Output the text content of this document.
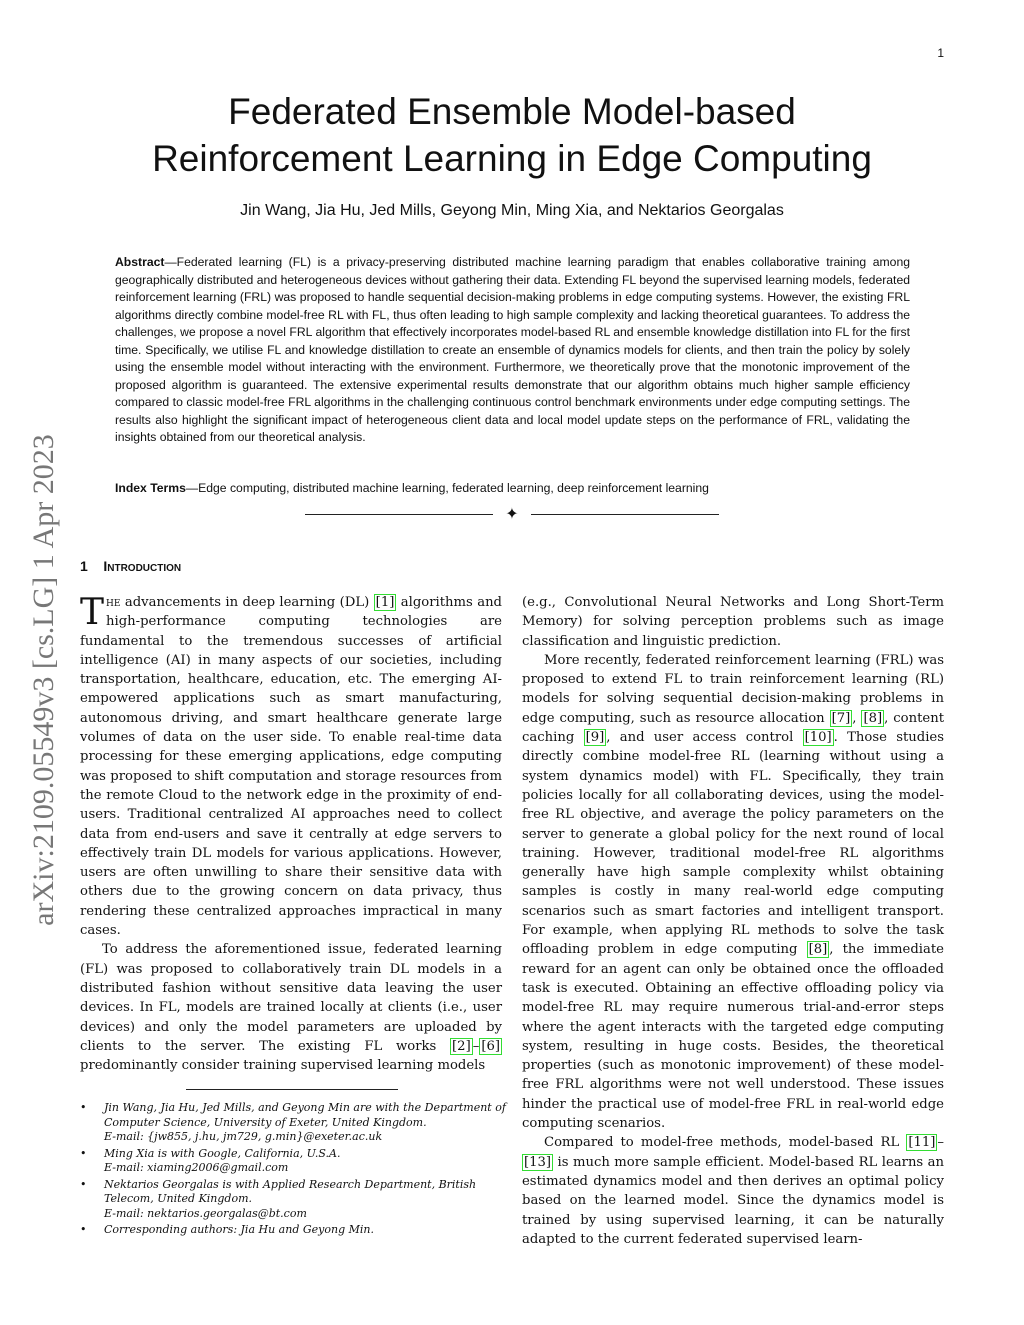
1
arXiv:2109.05549v3 [cs.LG] 1 Apr 2023
Federated Ensemble Model-based
Reinforcement Learning in Edge Computing
Jin Wang, Jia Hu, Jed Mills, Geyong Min, Ming Xia, and Nektarios Georgalas
Abstract—Federated learning (FL) is a privacy-preserving distributed machine learning paradigm that enables collaborative training among geographically distributed and heterogeneous devices without gathering their data. Extending FL beyond the supervised learning models, federated reinforcement learning (FRL) was proposed to handle sequential decision-making problems in edge computing systems. However, the existing FRL algorithms directly combine model-free RL with FL, thus often leading to high sample complexity and lacking theoretical guarantees. To address the challenges, we propose a novel FRL algorithm that effectively incorporates model-based RL and ensemble knowledge distillation into FL for the first time. Specifically, we utilise FL and knowledge distillation to create an ensemble of dynamics models for clients, and then train the policy by solely using the ensemble model without interacting with the environment. Furthermore, we theoretically prove that the monotonic improvement of the proposed algorithm is guaranteed. The extensive experimental results demonstrate that our algorithm obtains much higher sample efficiency compared to classic model-free FRL algorithms in the challenging continuous control benchmark environments under edge computing settings. The results also highlight the significant impact of heterogeneous client data and local model update steps on the performance of FRL, validating the insights obtained from our theoretical analysis.
Index Terms—Edge computing, distributed machine learning, federated learning, deep reinforcement learning
✦
1 Introduction

The advancements in deep learning (DL) [1] algorithms and high-performance computing technologies are fundamental to the tremendous successes of artificial intelligence (AI) in many aspects of our societies, including transportation, healthcare, education, etc. The emerging AI-empowered applications such as smart manufacturing, autonomous driving, and smart healthcare generate large volumes of data on the user side. To enable real-time data processing for these emerging applications, edge computing was proposed to shift computation and storage resources from the remote Cloud to the network edge in the proximity of end-users. Traditional centralized AI approaches need to collect data from end-users and save it centrally at edge servers to effectively train DL models for various applications. However, users are often unwilling to share their sensitive data with others due to the growing concern on data privacy, thus rendering these centralized approaches impractical in many cases.

To address the aforementioned issue, federated learning (FL) was proposed to collaboratively train DL models in a distributed fashion without sensitive data leaving the user devices. In FL, models are trained locally at clients (i.e., user devices) and only the model parameters are uploaded by clients to the server. The existing FL works [2] – [6] predominantly consider training supervised learning models

(e.g., Convolutional Neural Networks and Long Short-Term Memory) for solving perception problems such as image classification and linguistic prediction.

More recently, federated reinforcement learning (FRL) was proposed to extend FL to train reinforcement learning (RL) models for solving sequential decision-making problems in edge computing, such as resource allocation [7] , [8] , content caching [9] , and user access control [10] . Those studies directly combine model-free RL (learning without using a system dynamics model) with FL. Specifically, they train policies locally for all collaborating devices, using the model-free RL objective, and average the policy parameters on the server to generate a global policy for the next round of local training. However, traditional model-free RL algorithms generally have high sample complexity whilst obtaining samples is costly in many real-world edge computing scenarios such as smart factories and intelligent transport. For example, when applying RL methods to solve the task offloading problem in edge computing [8] , the immediate reward for an agent can only be obtained once the offloaded task is executed. Obtaining an effective offloading policy via model-free RL may require numerous trial-and-error steps where the agent interacts with the targeted edge computing system, resulting in huge costs. Besides, the theoretical properties (such as monotonic improvement) of these model-free FRL algorithms were not well understood. These issues hinder the practical use of model-free FRL in real-world edge computing scenarios.

Compared to model-free methods, model-based RL [11] –[13] is much more sample efficient. Model-based RL learns an estimated dynamics model and then derives an optimal policy based on the learned model. Since the dynamics model is trained by using supervised learning, it can be naturally adapted to the current federated supervised learn-

• Jin Wang, Jia Hu, Jed Mills, and Geyong Min are with the Department of Computer Science, University of Exeter, United Kingdom.
E-mail: {jw855, j.hu, jm729, g.min}@exeter.ac.uk
• Ming Xia is with Google, California, U.S.A.
E-mail: xiaming2006@gmail.com
• Nektarios Georgalas is with Applied Research Department, British Telecom, United Kingdom.
E-mail: nektarios.georgalas@bt.com
• Corresponding authors: Jia Hu and Geyong Min.
